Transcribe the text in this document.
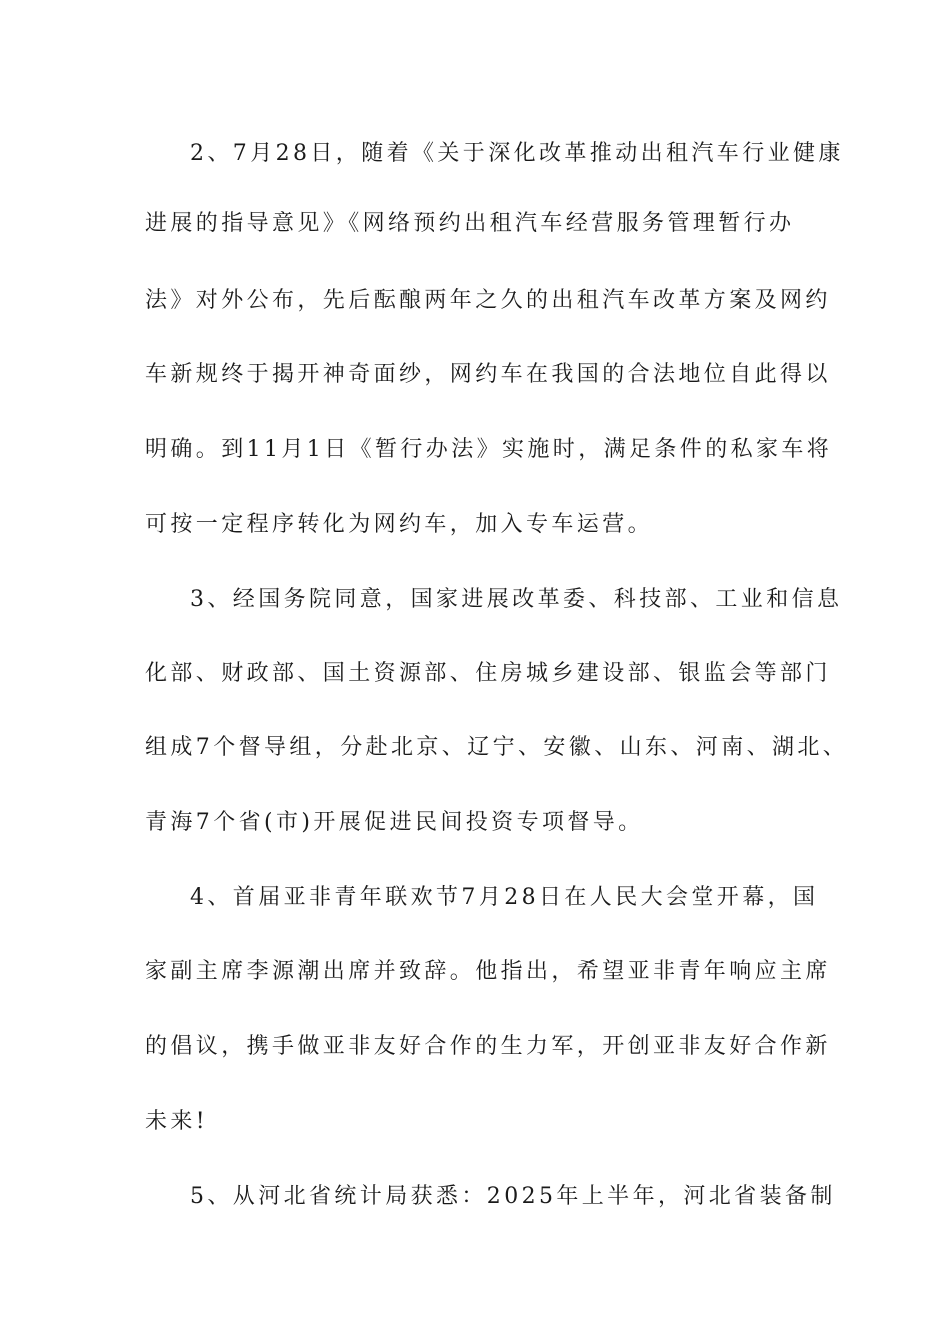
2、7月28日，随着《关于深化改革推动出租汽车行业健康
进展的指导意见》《网络预约出租汽车经营服务管理暂行办
法》对外公布，先后酝酿两年之久的出租汽车改革方案及网约
车新规终于揭开神奇面纱，网约车在我国的合法地位自此得以
明确。到11月1日《暂行办法》实施时，满足条件的私家车将
可按一定程序转化为网约车，加入专车运营。
3、经国务院同意，国家进展改革委、科技部、工业和信息
化部、财政部、国土资源部、住房城乡建设部、银监会等部门
组成7个督导组，分赴北京、辽宁、安徽、山东、河南、湖北、
青海7个省(市)开展促进民间投资专项督导。
4、首届亚非青年联欢节7月28日在人民大会堂开幕，国
家副主席李源潮出席并致辞。他指出，希望亚非青年响应主席
的倡议，携手做亚非友好合作的生力军，开创亚非友好合作新
未来!
5、从河北省统计局获悉：2025年上半年，河北省装备制
